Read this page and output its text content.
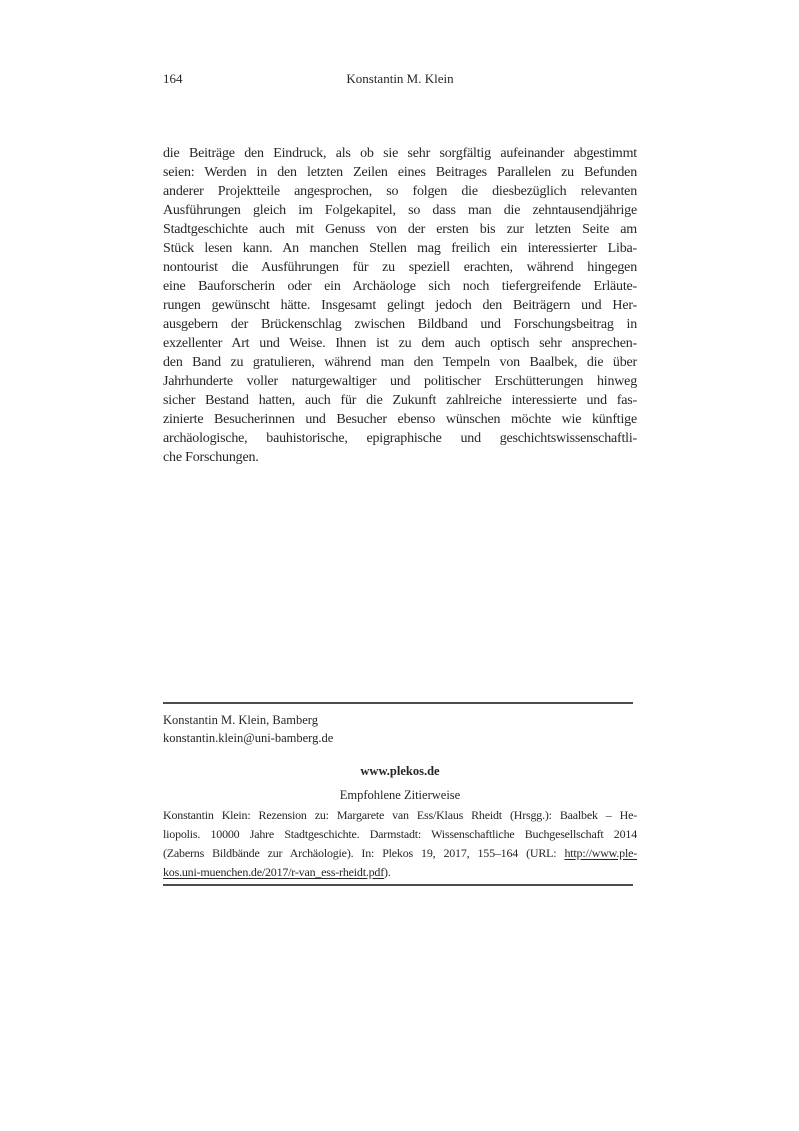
164	Konstantin M. Klein
die Beiträge den Eindruck, als ob sie sehr sorgfältig aufeinander abgestimmt
seien: Werden in den letzten Zeilen eines Beitrages Parallelen zu Befunden
anderer Projektteile angesprochen, so folgen die diesbezüglich relevanten
Ausführungen gleich im Folgekapitel, so dass man die zehntausendjährige
Stadtgeschichte auch mit Genuss von der ersten bis zur letzten Seite am
Stück lesen kann. An manchen Stellen mag freilich ein interessierter Liba-
nontourist die Ausführungen für zu speziell erachten, während hingegen
eine Bauforscherin oder ein Archäologe sich noch tiefergreifende Erläute-
rungen gewünscht hätte. Insgesamt gelingt jedoch den Beiträgern und Her-
ausgebern der Brückenschlag zwischen Bildband und Forschungsbeitrag in
exzellenter Art und Weise. Ihnen ist zu dem auch optisch sehr ansprechen-
den Band zu gratulieren, während man den Tempeln von Baalbek, die über
Jahrhunderte voller naturgewaltiger und politischer Erschütterungen hinweg
sicher Bestand hatten, auch für die Zukunft zahlreiche interessierte und fas-
zinierte Besucherinnen und Besucher ebenso wünschen möchte wie künftige
archäologische, bauhistorische, epigraphische und geschichtswissenschaftli-
che Forschungen.
Konstantin M. Klein, Bamberg
konstantin.klein@uni-bamberg.de
www.plekos.de
Empfohlene Zitierweise
Konstantin Klein: Rezension zu: Margarete van Ess/Klaus Rheidt (Hrsgg.): Baalbek – He-
liopolis. 10000 Jahre Stadtgeschichte. Darmstadt: Wissenschaftliche Buchgesellschaft 2014
(Zaberns Bildbände zur Archäologie). In: Plekos 19, 2017, 155–164 (URL: http://www.ple-
kos.uni-muenchen.de/2017/r-van_ess-rheidt.pdf).
